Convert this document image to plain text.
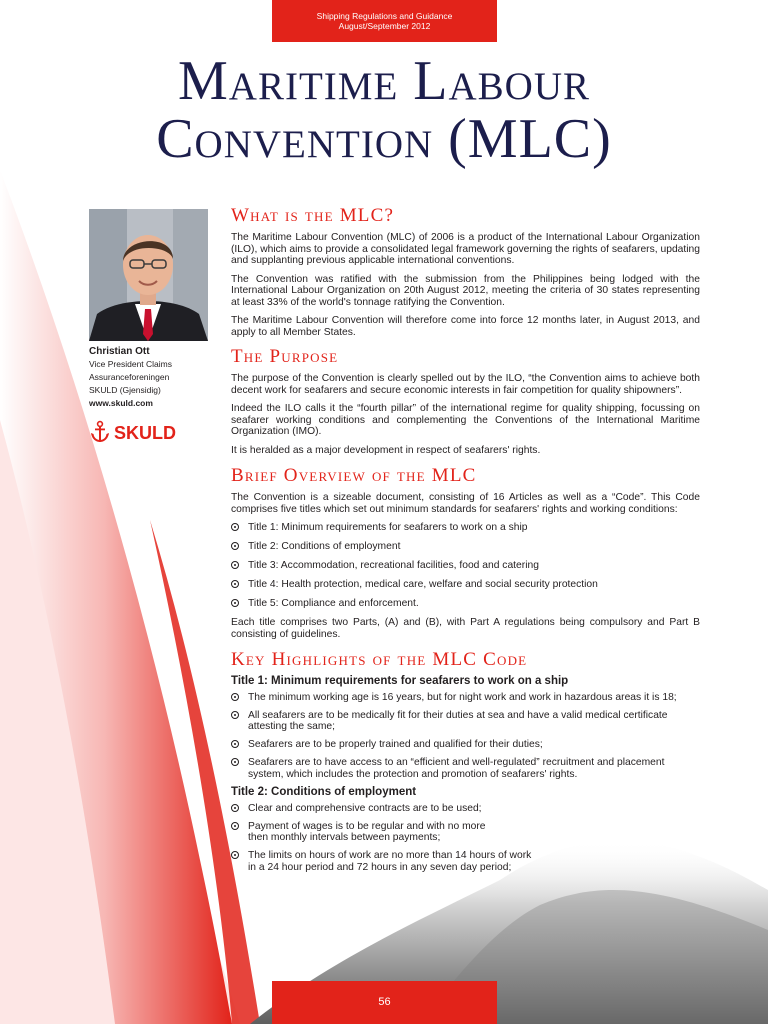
Shipping Regulations and Guidance
August/September 2012
Maritime Labour
Convention (MLC)
Christian Ott
Vice President Claims
Assuranceforeningen
SKULD (Gjensidig)
www.skuld.com
SKULD
What is the MLC?

The Maritime Labour Convention (MLC) of 2006 is a product of the International Labour Organization (ILO), which aims to provide a consolidated legal framework governing the rights of seafarers, updating and supplanting previous applicable international conventions.

The Convention was ratified with the submission from the Philippines being lodged with the International Labour Organization on 20th August 2012, meeting the criteria of 30 states representing at least 33% of the world's tonnage ratifying the Convention.

The Maritime Labour Convention will therefore come into force 12 months later, in August 2013, and apply to all Member States.

The Purpose

The purpose of the Convention is clearly spelled out by the ILO, “the Convention aims to achieve both decent work for seafarers and secure economic interests in fair competition for quality shipowners”.

Indeed the ILO calls it the “fourth pillar” of the international regime for quality shipping, focussing on seafarer working conditions and complementing the Conventions of the International Maritime Organization (IMO).

It is heralded as a major development in respect of seafarers' rights.

Brief Overview of the MLC

The Convention is a sizeable document, consisting of 16 Articles as well as a “Code”. This Code comprises five titles which set out minimum standards for seafarers' rights and working conditions:

Title 1: Minimum requirements for seafarers to work on a ship
Title 2: Conditions of employment
Title 3: Accommodation, recreational facilities, food and catering
Title 4: Health protection, medical care, welfare and social security protection
Title 5: Compliance and enforcement.

Each title comprises two Parts, (A) and (B), with Part A regulations being compulsory and Part B consisting of guidelines.

Key Highlights of the MLC Code
Title 1: Minimum requirements for seafarers to work on a ship
The minimum working age is 16 years, but for night work and work in hazardous areas it is 18;
All seafarers are to be medically fit for their duties at sea and have a valid medical certificate attesting the same;
Seafarers are to be properly trained and qualified for their duties;
Seafarers are to have access to an “efficient and well-regulated” recruitment and placement system, which includes the protection and promotion of seafarers' rights.
Title 2: Conditions of employment
Clear and comprehensive contracts are to be used;
Payment of wages is to be regular and with no more then monthly intervals between payments;
The limits on hours of work are no more than 14 hours of work in a 24 hour period and 72 hours in any seven day period;
56
